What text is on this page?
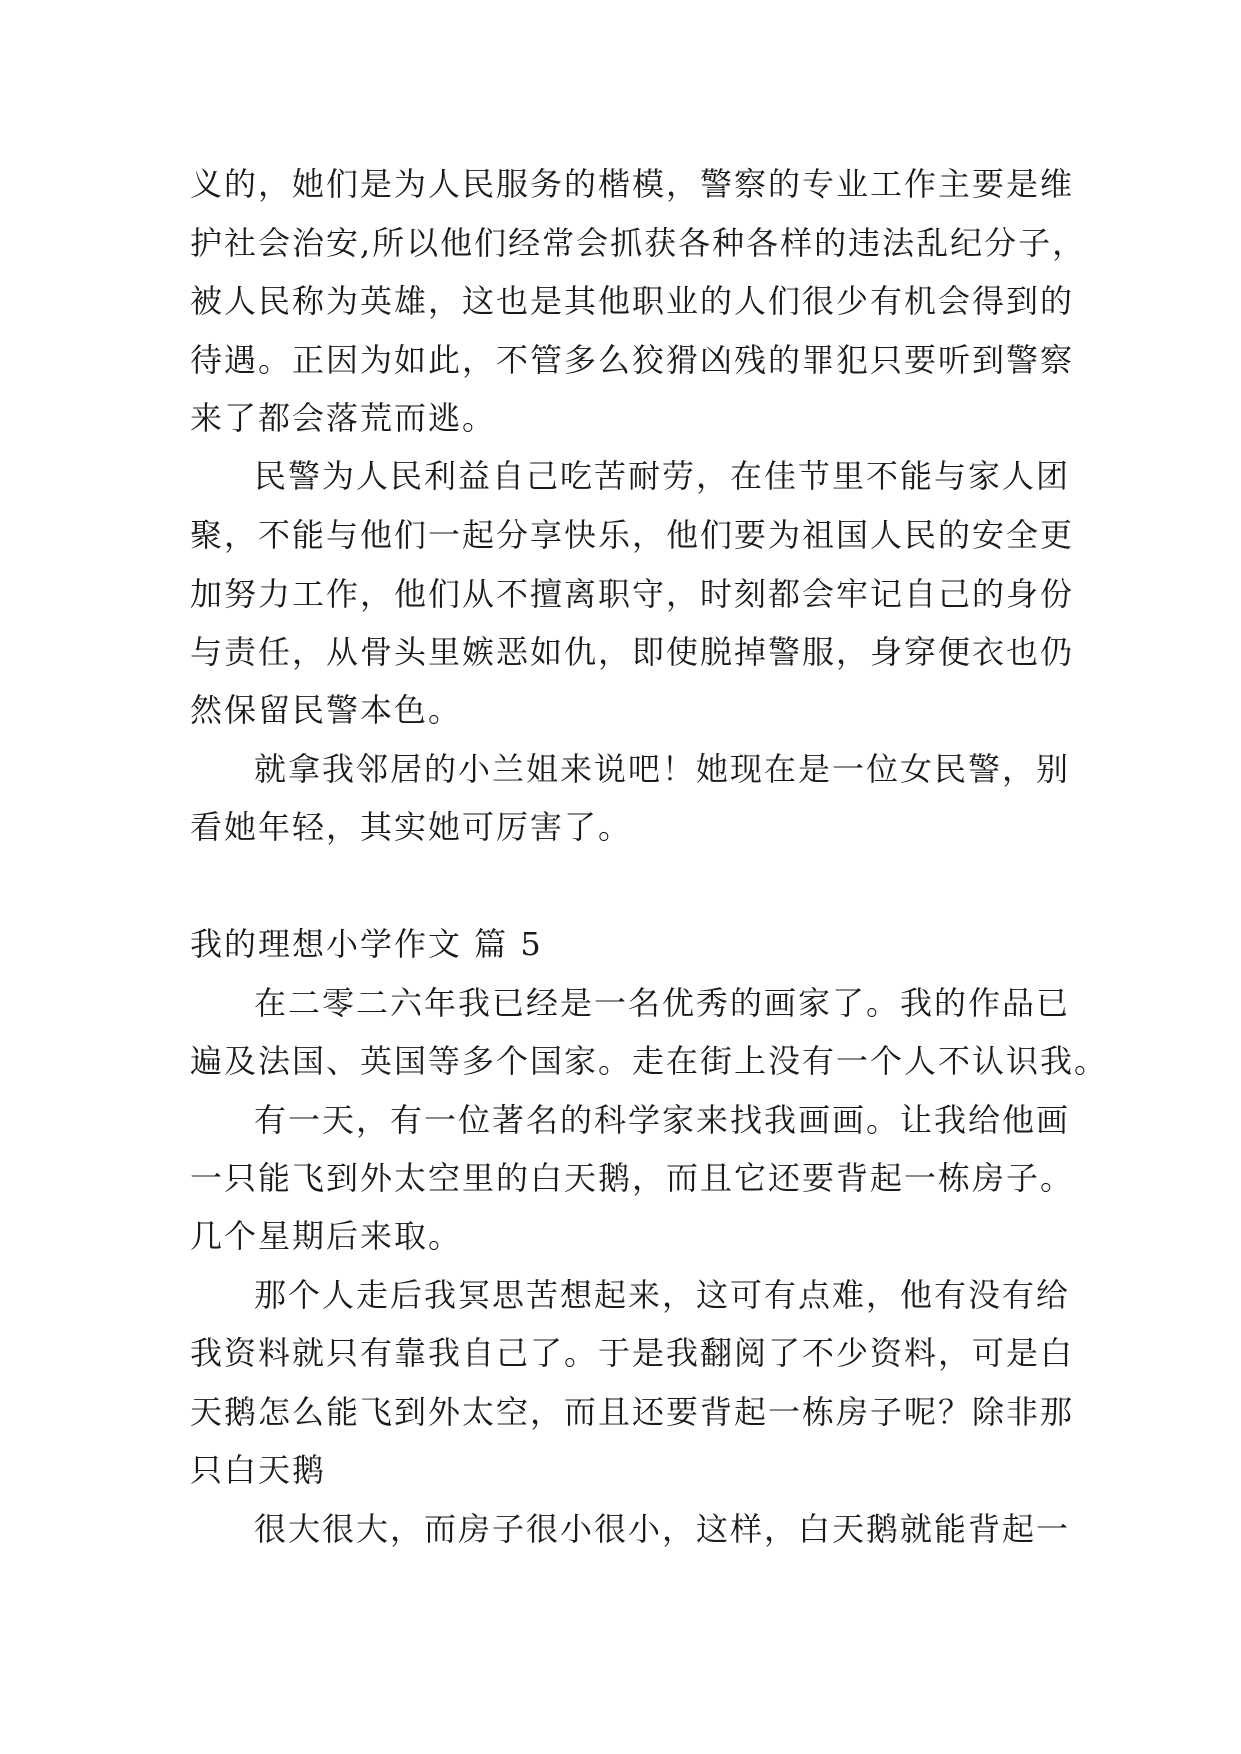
义的，她们是为人民服务的楷模，警察的专业工作主要是维
护社会治安,所以他们经常会抓获各种各样的违法乱纪分子，
被人民称为英雄，这也是其他职业的人们很少有机会得到的
待遇。正因为如此，不管多么狡猾凶残的罪犯只要听到警察
来了都会落荒而逃。
民警为人民利益自己吃苦耐劳，在佳节里不能与家人团
聚，不能与他们一起分享快乐，他们要为祖国人民的安全更
加努力工作，他们从不擅离职守，时刻都会牢记自己的身份
与责任，从骨头里嫉恶如仇，即使脱掉警服，身穿便衣也仍
然保留民警本色。
就拿我邻居的小兰姐来说吧！她现在是一位女民警，别
看她年轻，其实她可厉害了。
我的理想小学作文 篇 5
在二零二六年我已经是一名优秀的画家了。我的作品已
遍及法国、英国等多个国家。走在街上没有一个人不认识我。
有一天，有一位著名的科学家来找我画画。让我给他画
一只能飞到外太空里的白天鹅，而且它还要背起一栋房子。
几个星期后来取。
那个人走后我冥思苦想起来，这可有点难，他有没有给
我资料就只有靠我自己了。于是我翻阅了不少资料，可是白
天鹅怎么能飞到外太空，而且还要背起一栋房子呢？除非那
只白天鹅
很大很大，而房子很小很小，这样，白天鹅就能背起一
